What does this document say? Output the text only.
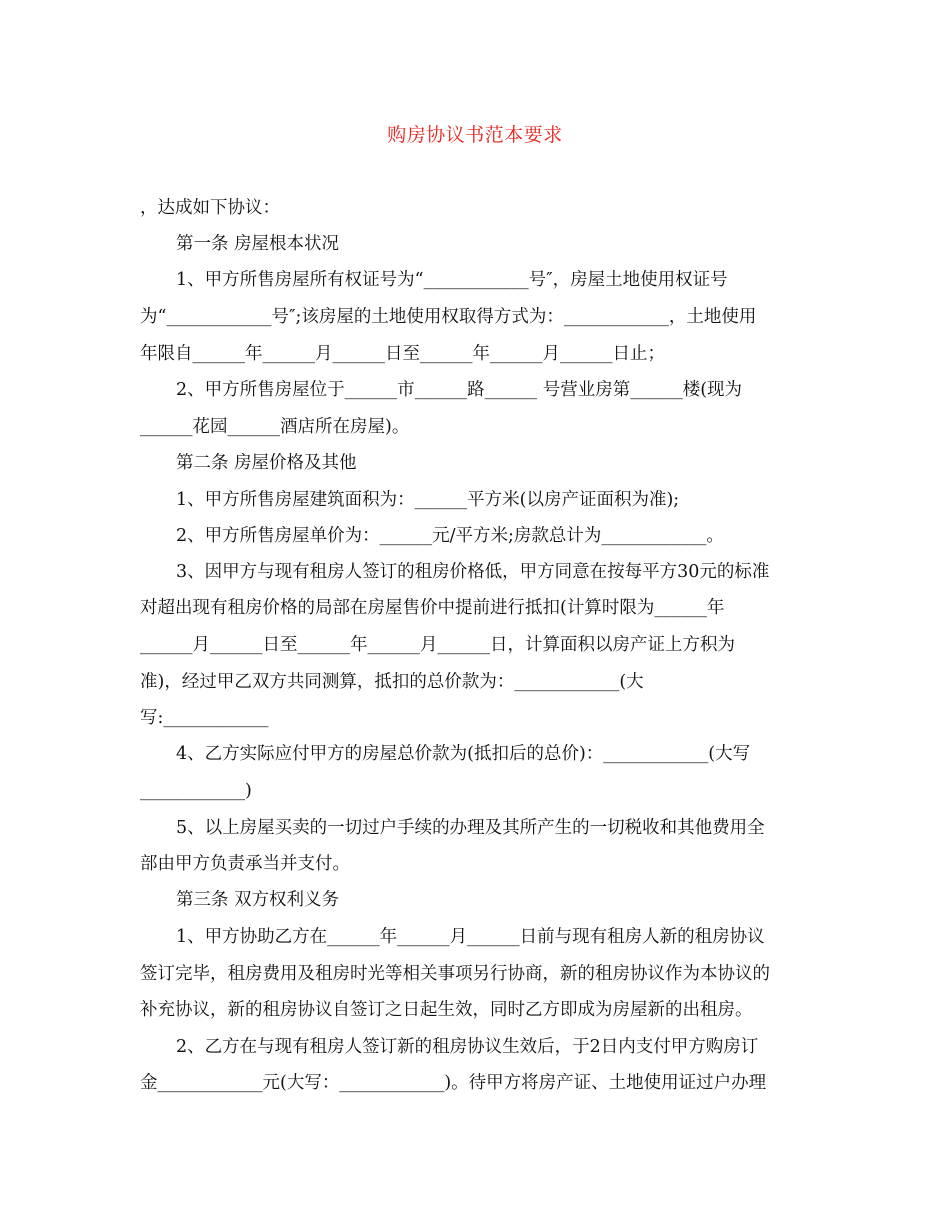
购房协议书范本要求
，达成如下协议：
第一条 房屋根本状况
1、甲方所售房屋所有权证号为“____________号″，房屋土地使用权证号
为“____________号″;该房屋的土地使用权取得方式为：____________，土地使用
年限自______年______月______日至______年______月______日止；
2、甲方所售房屋位于______市______路______ 号营业房第______楼(现为
______花园______酒店所在房屋)。
第二条 房屋价格及其他
1、甲方所售房屋建筑面积为：______平方米(以房产证面积为准);
2、甲方所售房屋单价为：______元/平方米;房款总计为____________。
3、因甲方与现有租房人签订的租房价格低，甲方同意在按每平方30元的标准
对超出现有租房价格的局部在房屋售价中提前进行抵扣(计算时限为______年
______月______日至______年______月______日，计算面积以房产证上方积为
准)，经过甲乙双方共同测算，抵扣的总价款为：____________(大
写:____________
4、乙方实际应付甲方的房屋总价款为(抵扣后的总价)：____________(大写
____________)
5、以上房屋买卖的一切过户手续的办理及其所产生的一切税收和其他费用全
部由甲方负责承当并支付。
第三条 双方权利义务
1、甲方协助乙方在______年______月______日前与现有租房人新的租房协议
签订完毕，租房费用及租房时光等相关事项另行协商，新的租房协议作为本协议的
补充协议，新的租房协议自签订之日起生效，同时乙方即成为房屋新的出租房。
2、乙方在与现有租房人签订新的租房协议生效后，于2日内支付甲方购房订
金____________元(大写：____________)。待甲方将房产证、土地使用证过户办理
